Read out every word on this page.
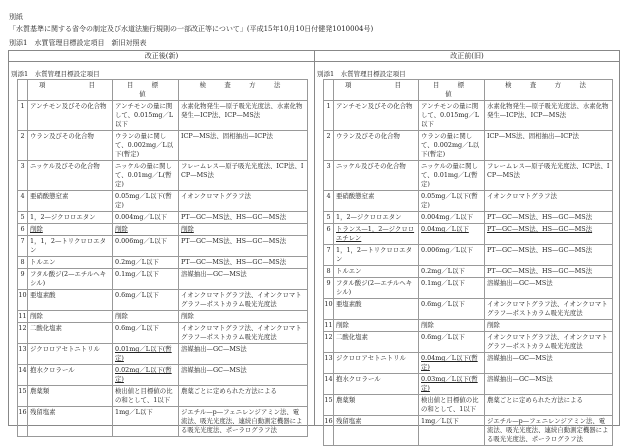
別紙
「水質基準に関する省令の制定及び水道法施行規則の一部改正等について」(平成15年10月10日付健発1010004号)
別添1　水質管理目標設定項目　新旧対照表
改正後(新)	改正前(旧)
別添1　水質管理目標設定項目	別添1　水質管理目標設定項目
	項　　　目	目　標　値	検　査　方　法
1	アンチモン及びその化合物	アンチモンの量に関して、0.015mg／L以下	水素化物発生—原子吸光光度法、水素化物発生—ICP法、ICP—MS法
2	ウラン及びその化合物	ウランの量に関して、0.002mg／L以下(暫定)	ICP—MS法、固相抽出—ICP法
3	ニッケル及びその化合物	ニッケルの量に関して、0.01mg／L(暫定)	フレームレス—原子吸光光度法、ICP法、ICP—MS法
4	亜硝酸態窒素	0.05mg／L以下(暫定)	イオンクロマトグラフ法
5	1，2—ジクロロエタン	0.004mg／L以下	PT—GC—MS法、HS—GC—MS法
6	削除	削除	削除
7	1，1，2—トリクロロエタン	0.006mg／L以下	PT—GC—MS法、HS—GC—MS法
8	トルエン	0.2mg／L以下	PT—GC—MS法、HS—GC—MS法
9	フタル酸ジ(2—エチルヘキシル)	0.1mg／L以下	溶媒抽出—GC—MS法
10	亜塩素酸	0.6mg／L以下	イオンクロマトグラフ法、イオンクロマトグラフ—ポストカラム吸光光度法
11	削除	削除	削除
12	二酸化塩素	0.6mg／L以下	イオンクロマトグラフ法、イオンクロマトグラフ—ポストカラム吸光光度法
13	ジクロロアセトニトリル	0.01mg／L以下(暫定)	溶媒抽出—GC—MS法
14	抱水クロラール	0.02mg／L以下(暫定)	溶媒抽出—GC—MS法
15	農薬類	検出値と目標値の比の和として、1以下	農薬ごとに定められた方法による
16	残留塩素	1mg／L以下	ジエチル—p—フェニレンジアミン法、電流法、吸光光度法、連続自動測定機器による吸光光度法、ポーラログラフ法
	項　　　目	目　標　値	検　査　方　法
1	アンチモン及びその化合物	アンチモンの量に関して、0.015mg／L以下	水素化物発生—原子吸光光度法、水素化物発生—ICP法、ICP—MS法
2	ウラン及びその化合物	ウランの量に関して、0.002mg／L以下(暫定)	ICP—MS法、固相抽出—ICP法
3	ニッケル及びその化合物	ニッケルの量に関して、0.01mg／L(暫定)	フレームレス—原子吸光光度法、ICP法、ICP—MS法
4	亜硝酸態窒素	0.05mg／L以下(暫定)	イオンクロマトグラフ法
5	1，2—ジクロロエタン	0.004mg／L以下	PT—GC—MS法、HS—GC—MS法
6	トランス—1，2—ジクロロエチレン	0.04mg／L以下	PT—GC—MS法、HS—GC—MS法
7	1，1，2—トリクロロエタン	0.006mg／L以下	PT—GC—MS法、HS—GC—MS法
8	トルエン	0.2mg／L以下	PT—GC—MS法、HS—GC—MS法
9	フタル酸ジ(2—エチルヘキシル)	0.1mg／L以下	溶媒抽出—GC—MS法
10	亜塩素酸	0.6mg／L以下	イオンクロマトグラフ法、イオンクロマトグラフ—ポストカラム吸光光度法
11	削除	削除	削除
12	二酸化塩素	0.6mg／L以下	イオンクロマトグラフ法、イオンクロマトグラフ—ポストカラム吸光光度法
13	ジクロロアセトニトリル	0.04mg／L以下(暫定)	溶媒抽出—GC—MS法
14	抱水クロラール	0.03mg／L以下(暫定)	溶媒抽出—GC—MS法
15	農薬類	検出値と目標値の比の和として、1以下	農薬ごとに定められた方法による
16	残留塩素	1mg／L以下	ジエチル—p—フェニレンジアミン法、電流法、吸光光度法、連続自動測定機器による吸光光度法、ポーラログラフ法
